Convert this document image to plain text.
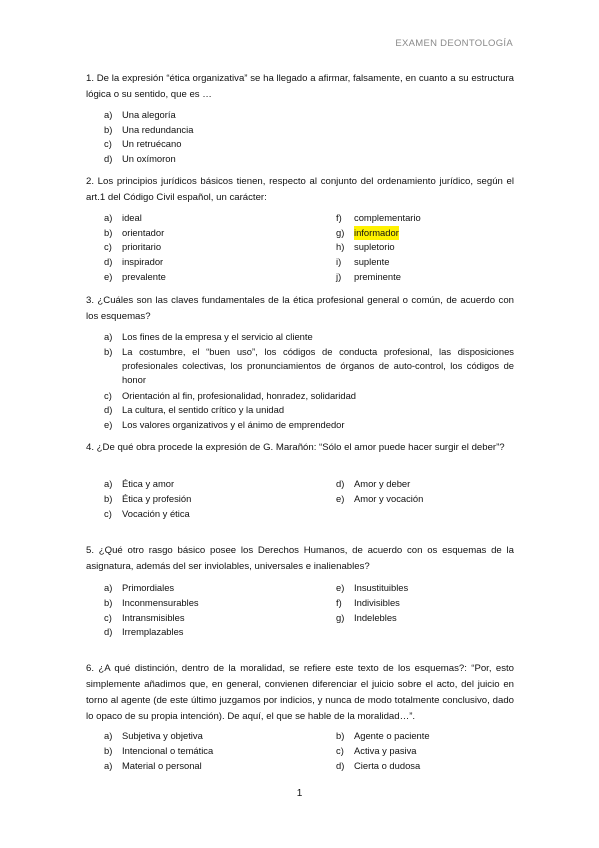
EXAMEN DEONTOLOGÍA
1. De la expresión “ética organizativa” se ha llegado a afirmar, falsamente, en cuanto a su estructura lógica o su sentido, que es …
a)	Una alegoría
b)	Una redundancia
c)	Un retruécano
d)	Un oxímoron
2. Los principios jurídicos básicos tienen, respecto al conjunto del ordenamiento jurídico, según el art.1 del Código Civil español, un carácter:
a)	ideal
b)	orientador
c)	prioritario
d)	inspirador
e)	prevalente
f)	complementario
g)	informador
h)	supletorio
i)	suplente
j)	preminente
3. ¿Cuáles son las claves fundamentales de la ética profesional general o común, de acuerdo con los esquemas?
a)	Los fines de la empresa y el servicio al cliente
b)	La costumbre, el “buen uso”, los códigos de conducta profesional, las disposiciones profesionales colectivas, los pronunciamientos de órganos de auto-control, los códigos de honor
c)	Orientación al fin, profesionalidad, honradez, solidaridad
d)	La cultura, el sentido crítico y la unidad
e)	Los valores organizativos y el ánimo de emprendedor
4. ¿De qué obra procede la expresión de G. Marañón: “Sólo el amor puede hacer surgir el deber”?
a)	Ética y amor
b)	Ética y profesión
c)	Vocación y ética
d)	Amor y deber
e)	Amor y vocación
5. ¿Qué otro rasgo básico posee los Derechos Humanos, de acuerdo con os esquemas de la asignatura, además del ser inviolables, universales e inalienables?
a)	Primordiales
b)	Inconmensurables
c)	Intransmisibles
d)	Irremplazables
e)	Insustituibles
f)	Indivisibles
g)	Indelebles
6. ¿A qué distinción, dentro de la moralidad, se refiere este texto de los esquemas?: “Por, esto simplemente añadimos que, en general, convienen diferenciar el juicio sobre el acto, del juicio en torno al agente (de este último juzgamos por indicios, y nunca de modo totalmente conclusivo, dado lo opaco de su propia intención). De aquí, el que se hable de la moralidad…”.
a)	Subjetiva y objetiva
b)	Intencional o temática
a)	Material o personal
b)	Agente o paciente
c)	Activa y pasiva
d)	Cierta o dudosa
1
